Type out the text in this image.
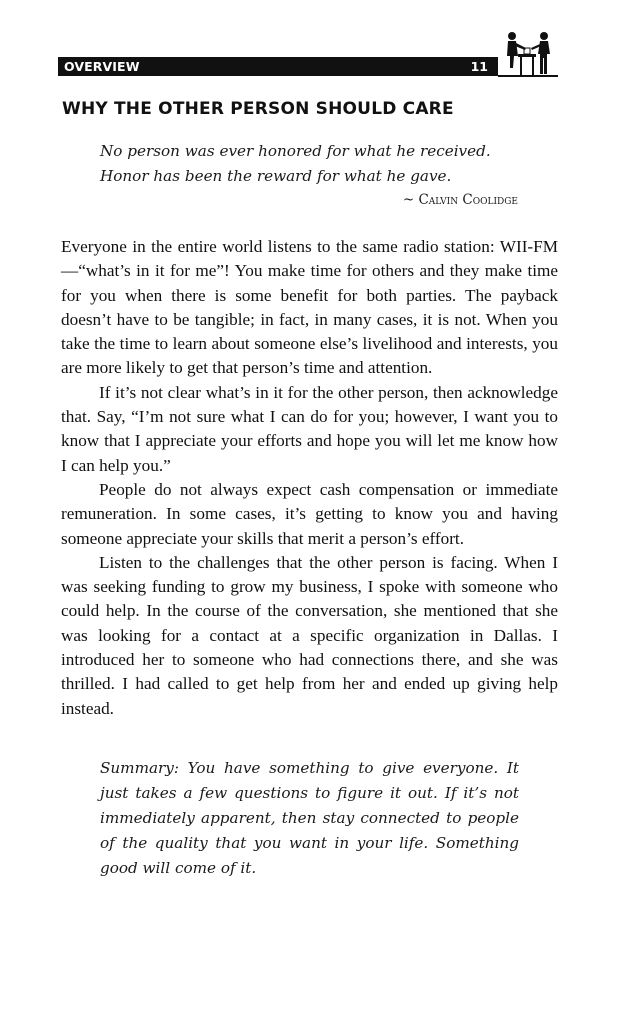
OVERVIEW	11
WHY THE OTHER PERSON SHOULD CARE

No person was ever honored for what he received. Honor has been the reward for what he gave.

~ Calvin Coolidge

Everyone in the entire world listens to the same radio station: WII-FM—“what’s in it for me”! You make time for others and they make time for you when there is some benefit for both parties. The payback doesn’t have to be tangible; in fact, in many cases, it is not. When you take the time to learn about someone else’s livelihood and interests, you are more likely to get that person’s time and attention.

If it’s not clear what’s in it for the other person, then acknowledge that. Say, “I’m not sure what I can do for you; however, I want you to know that I appreciate your efforts and hope you will let me know how I can help you.”

People do not always expect cash compensation or immediate remuneration. In some cases, it’s getting to know you and having someone appreciate your skills that merit a person’s effort.

Listen to the challenges that the other person is facing. When I was seeking funding to grow my business, I spoke with someone who could help. In the course of the conversation, she mentioned that she was looking for a contact at a specific organization in Dallas. I introduced her to someone who had connections there, and she was thrilled. I had called to get help from her and ended up giving help instead.

Summary: You have something to give everyone. It just takes a few questions to figure it out. If it’s not immediately apparent, then stay connected to people of the quality that you want in your life. Something good will come of it.
